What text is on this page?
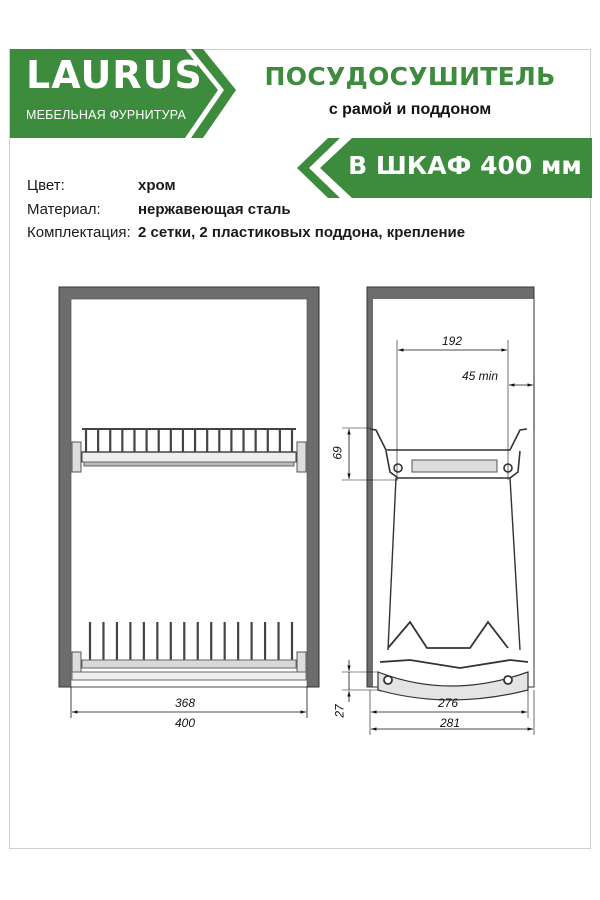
LAURUS
МЕБЕЛЬНАЯ ФУРНИТУРА
ПОСУДОСУШИТЕЛЬ
с рамой и поддоном
В ШКАФ 400 мм
Цвет:	хром
Материал:	нержавеющая сталь
Комплектация: 2 сетки, 2 пластиковых поддона, крепление
368
400
192
45 min
69
27
276
281
